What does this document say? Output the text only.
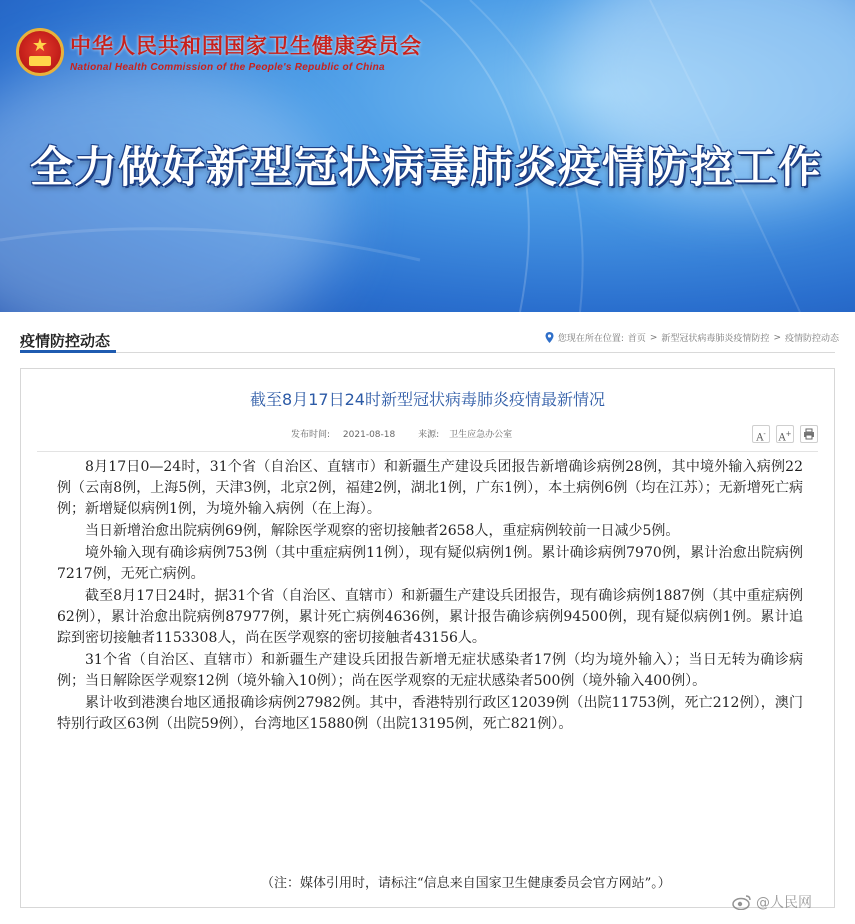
★	中华人民共和国国家卫生健康委员会
National Health Commission of the People's Republic of China
全力做好新型冠状病毒肺炎疫情防控工作
疫情防控动态	您现在所在位置: 首页 > 新型冠状病毒肺炎疫情防控 > 疫情防控动态
截至8月17日24时新型冠状病毒肺炎疫情最新情况
发布时间: 2021-08-18	来源: 卫生应急办公室	A-	A+

8月17日0—24时，31个省（自治区、直辖市）和新疆生产建设兵团报告新增确诊病例28例，其中境外输入病例22例（云南8例，上海5例，天津3例，北京2例，福建2例，湖北1例，广东1例），本土病例6例（均在江苏）；无新增死亡病例；新增疑似病例1例，为境外输入病例（在上海）。

当日新增治愈出院病例69例，解除医学观察的密切接触者2658人，重症病例较前一日减少5例。

境外输入现有确诊病例753例（其中重症病例11例），现有疑似病例1例。累计确诊病例7970例，累计治愈出院病例7217例，无死亡病例。

截至8月17日24时，据31个省（自治区、直辖市）和新疆生产建设兵团报告，现有确诊病例1887例（其中重症病例62例），累计治愈出院病例87977例，累计死亡病例4636例，累计报告确诊病例94500例，现有疑似病例1例。累计追踪到密切接触者1153308人，尚在医学观察的密切接触者43156人。

31个省（自治区、直辖市）和新疆生产建设兵团报告新增无症状感染者17例（均为境外输入）；当日无转为确诊病例；当日解除医学观察12例（境外输入10例）；尚在医学观察的无症状感染者500例（境外输入400例）。

累计收到港澳台地区通报确诊病例27982例。其中，香港特别行政区12039例（出院11753例，死亡212例），澳门特别行政区63例（出院59例），台湾地区15880例（出院13195例，死亡821例）。

（注：媒体引用时，请标注“信息来自国家卫生健康委员会官方网站”。）
@人民网
